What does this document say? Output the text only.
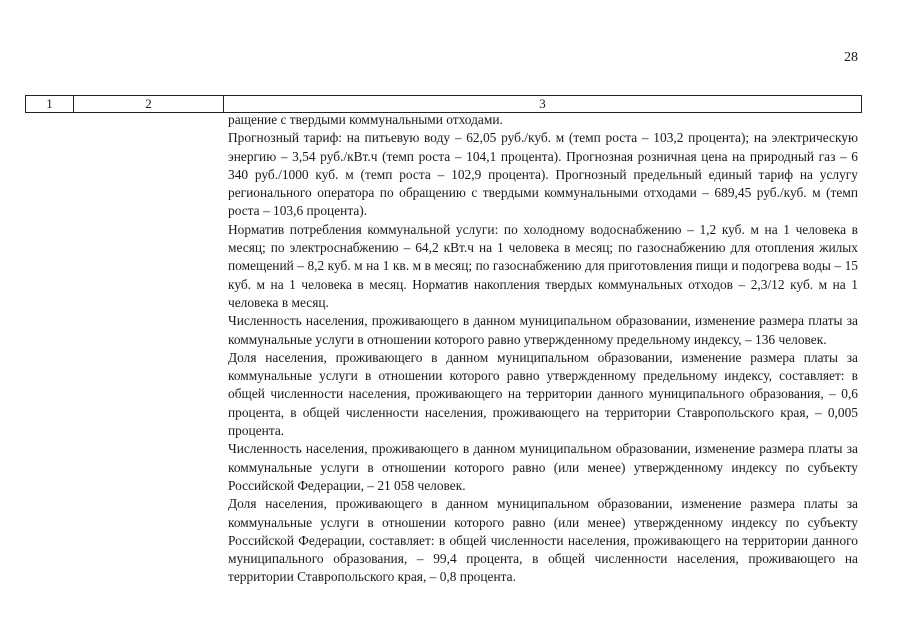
28
1	2	3

ращение с твердыми коммунальными отходами.

Прогнозный тариф: на питьевую воду – 62,05 руб./куб. м (темп роста – 103,2 процента); на электрическую энергию – 3,54 руб./кВт.ч (темп роста – 104,1 процента). Прогнозная розничная цена на природный газ – 6 340 руб./1000 куб. м (темп роста – 102,9 процента). Прогнозный предельный единый тариф на услугу регионального оператора по обращению с твердыми коммунальными отходами – 689,45 руб./куб. м (темп роста – 103,6 процента).

Норматив потребления коммунальной услуги: по холодному водоснабжению – 1,2 куб. м на 1 человека в месяц; по электроснабжению – 64,2 кВт.ч на 1 человека в месяц; по газоснабжению для отопления жилых помещений – 8,2 куб. м на 1 кв. м в месяц; по газоснабжению для приготовления пищи и подогрева воды – 15 куб. м на 1 человека в месяц. Норматив накопления твердых коммунальных отходов – 2,3/12 куб. м на 1 человека в месяц.

Численность населения, проживающего в данном муниципальном образовании, изменение размера платы за коммунальные услуги в отношении которого равно утвержденному предельному индексу, – 136 человек.

Доля населения, проживающего в данном муниципальном образовании, изменение размера платы за коммунальные услуги в отношении которого равно утвержденному предельному индексу, составляет: в общей численности населения, проживающего на территории данного муниципального образования, – 0,6 процента, в общей численности населения, проживающего на территории Ставропольского края, – 0,005 процента.

Численность населения, проживающего в данном муниципальном образовании, изменение размера платы за коммунальные услуги в отношении которого равно (или менее) утвержденному индексу по субъекту Российской Федерации, – 21 058 человек.

Доля населения, проживающего в данном муниципальном образовании, изменение размера платы за коммунальные услуги в отношении которого равно (или менее) утвержденному индексу по субъекту Российской Федерации, составляет: в общей численности населения, проживающего на территории данного муниципального образования, – 99,4 процента, в общей численности населения, проживающего на территории Ставропольского края, – 0,8 процента.
